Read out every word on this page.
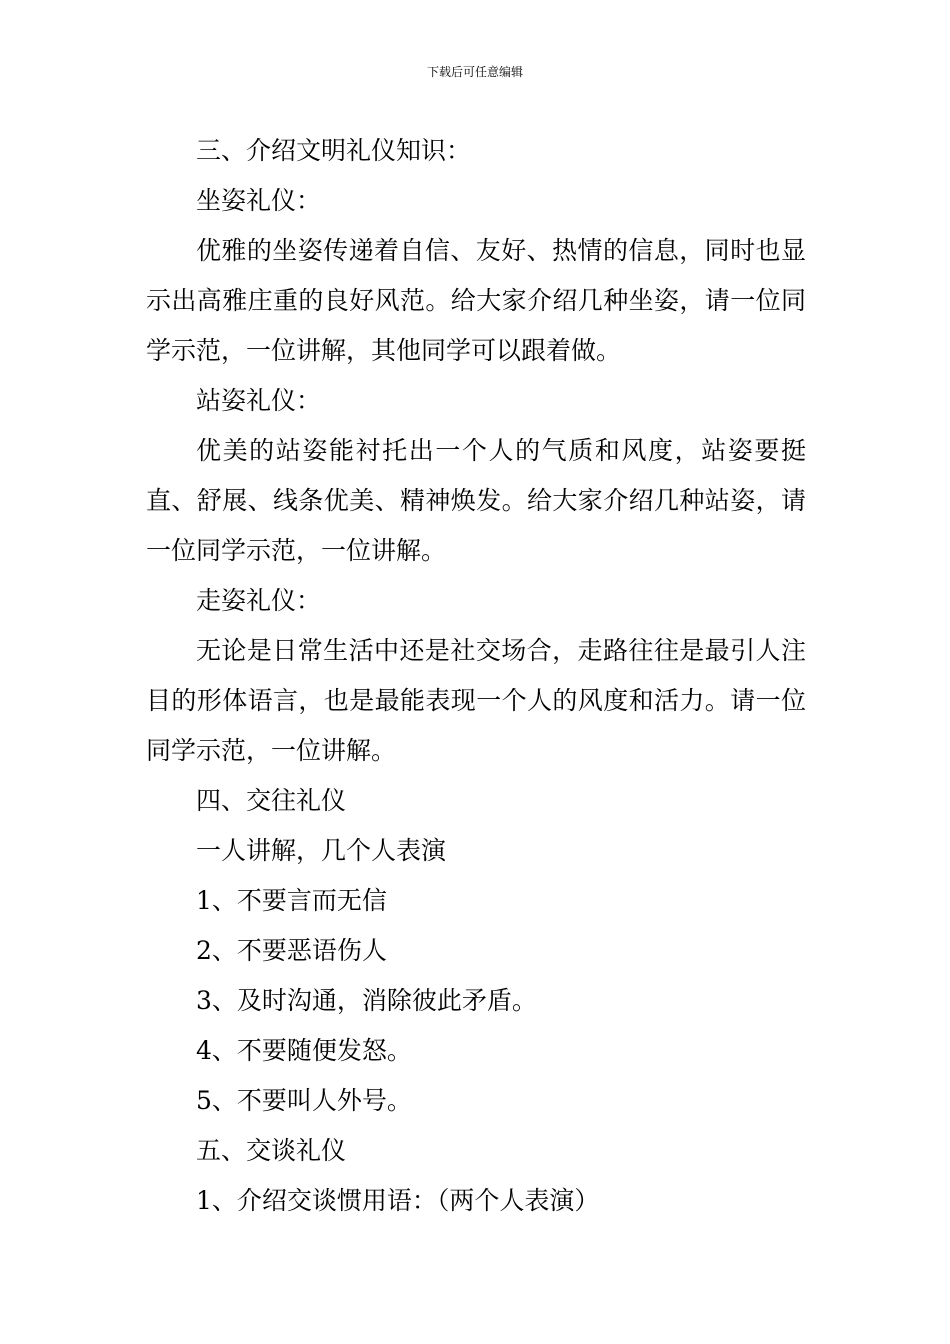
下载后可任意编辑

三、介绍文明礼仪知识：

坐姿礼仪：

优雅的坐姿传递着自信、友好、热情的信息，同时也显示出高雅庄重的良好风范。给大家介绍几种坐姿，请一位同学示范，一位讲解，其他同学可以跟着做。

站姿礼仪：

优美的站姿能衬托出一个人的气质和风度，站姿要挺直、舒展、线条优美、精神焕发。给大家介绍几种站姿，请一位同学示范，一位讲解。

走姿礼仪：

无论是日常生活中还是社交场合，走路往往是最引人注目的形体语言，也是最能表现一个人的风度和活力。请一位同学示范，一位讲解。

四、交往礼仪

一人讲解，几个人表演

1、不要言而无信

2、不要恶语伤人

3、及时沟通，消除彼此矛盾。

4、不要随便发怒。

5、不要叫人外号。

五、交谈礼仪

1、介绍交谈惯用语：（两个人表演）
